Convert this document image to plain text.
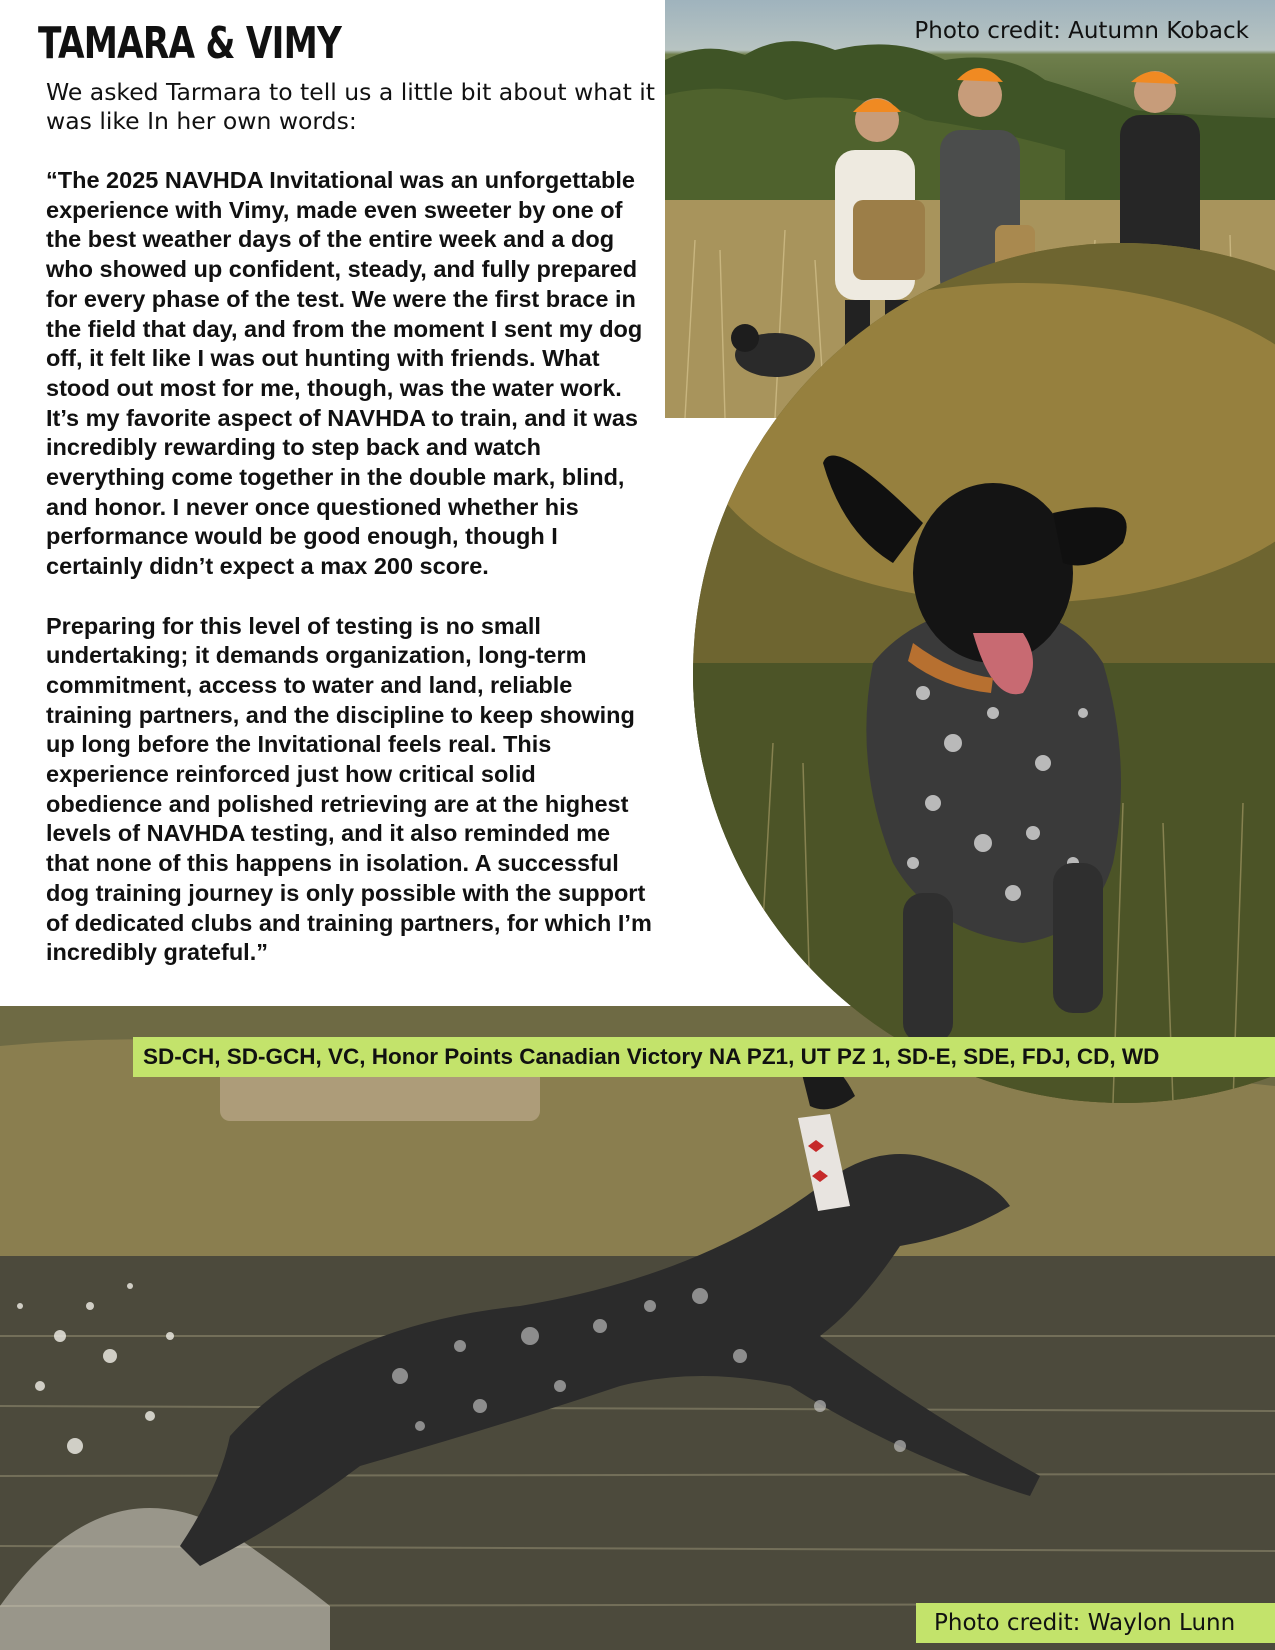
Photo credit: Autumn Koback
TAMARA & VIMY

We asked Tarmara to tell us a little bit about what it was like In her own words:

“The 2025 NAVHDA Invitational was an unforgettable experience with Vimy, made even sweeter by one of the best weather days of the entire week and a dog who showed up confident, steady, and fully prepared for every phase of the test. We were the first brace in the field that day, and from the moment I sent my dog off, it felt like I was out hunting with friends. What stood out most for me, though, was the water work. It’s my favorite aspect of NAVHDA to train, and it was incredibly rewarding to step back and watch everything come together in the double mark, blind, and honor. I never once questioned whether his performance would be good enough, though I certainly didn’t expect a max 200 score.

Preparing for this level of testing is no small undertaking; it demands organization, long-term commitment, access to water and land, reliable training partners, and the discipline to keep showing up long before the Invitational feels real. This experience reinforced just how critical solid obedience and polished retrieving are at the highest levels of NAVHDA testing, and it also reminded me that none of this happens in isolation. A successful dog training journey is only possible with the support of dedicated clubs and training partners, for which I’m incredibly grateful.”

SD-CH, SD-GCH, VC, Honor Points Canadian Victory NA PZ1, UT PZ 1, SD-E, SDE, FDJ, CD, WD
Photo credit: Waylon Lunn
